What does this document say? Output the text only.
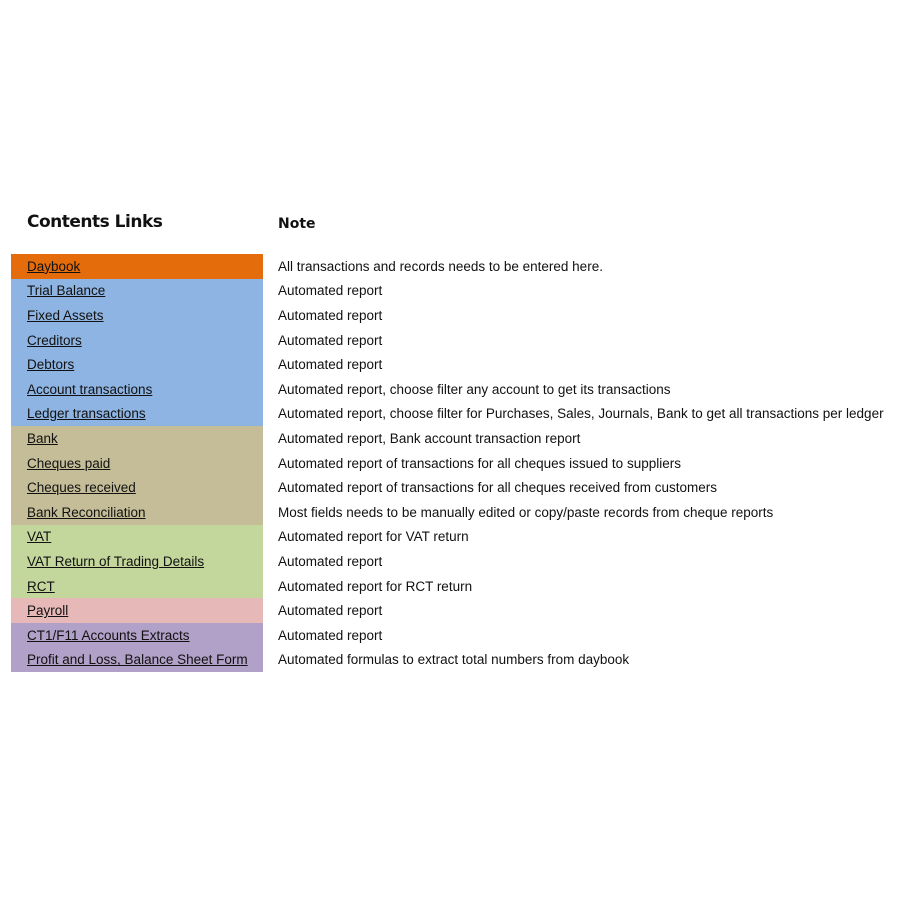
Contents Links	Note
Daybook	All transactions and records needs to be entered here.
Trial Balance	Automated report
Fixed Assets	Automated report
Creditors	Automated report
Debtors	Automated report
Account transactions	Automated report, choose filter any account to get its transactions
Ledger transactions	Automated report, choose filter for Purchases, Sales, Journals, Bank to get all transactions per ledger
Bank	Automated report, Bank account transaction report
Cheques paid	Automated report of transactions for all cheques issued to suppliers
Cheques received	Automated report of transactions for all cheques received from customers
Bank Reconciliation	Most fields needs to be manually edited or copy/paste records from cheque reports
VAT	Automated report for VAT return
VAT Return of Trading Details	Automated report
RCT	Automated report for RCT return
Payroll	Automated report
CT1/F11 Accounts Extracts	Automated report
Profit and Loss, Balance Sheet Form	Automated formulas to extract total numbers from daybook
